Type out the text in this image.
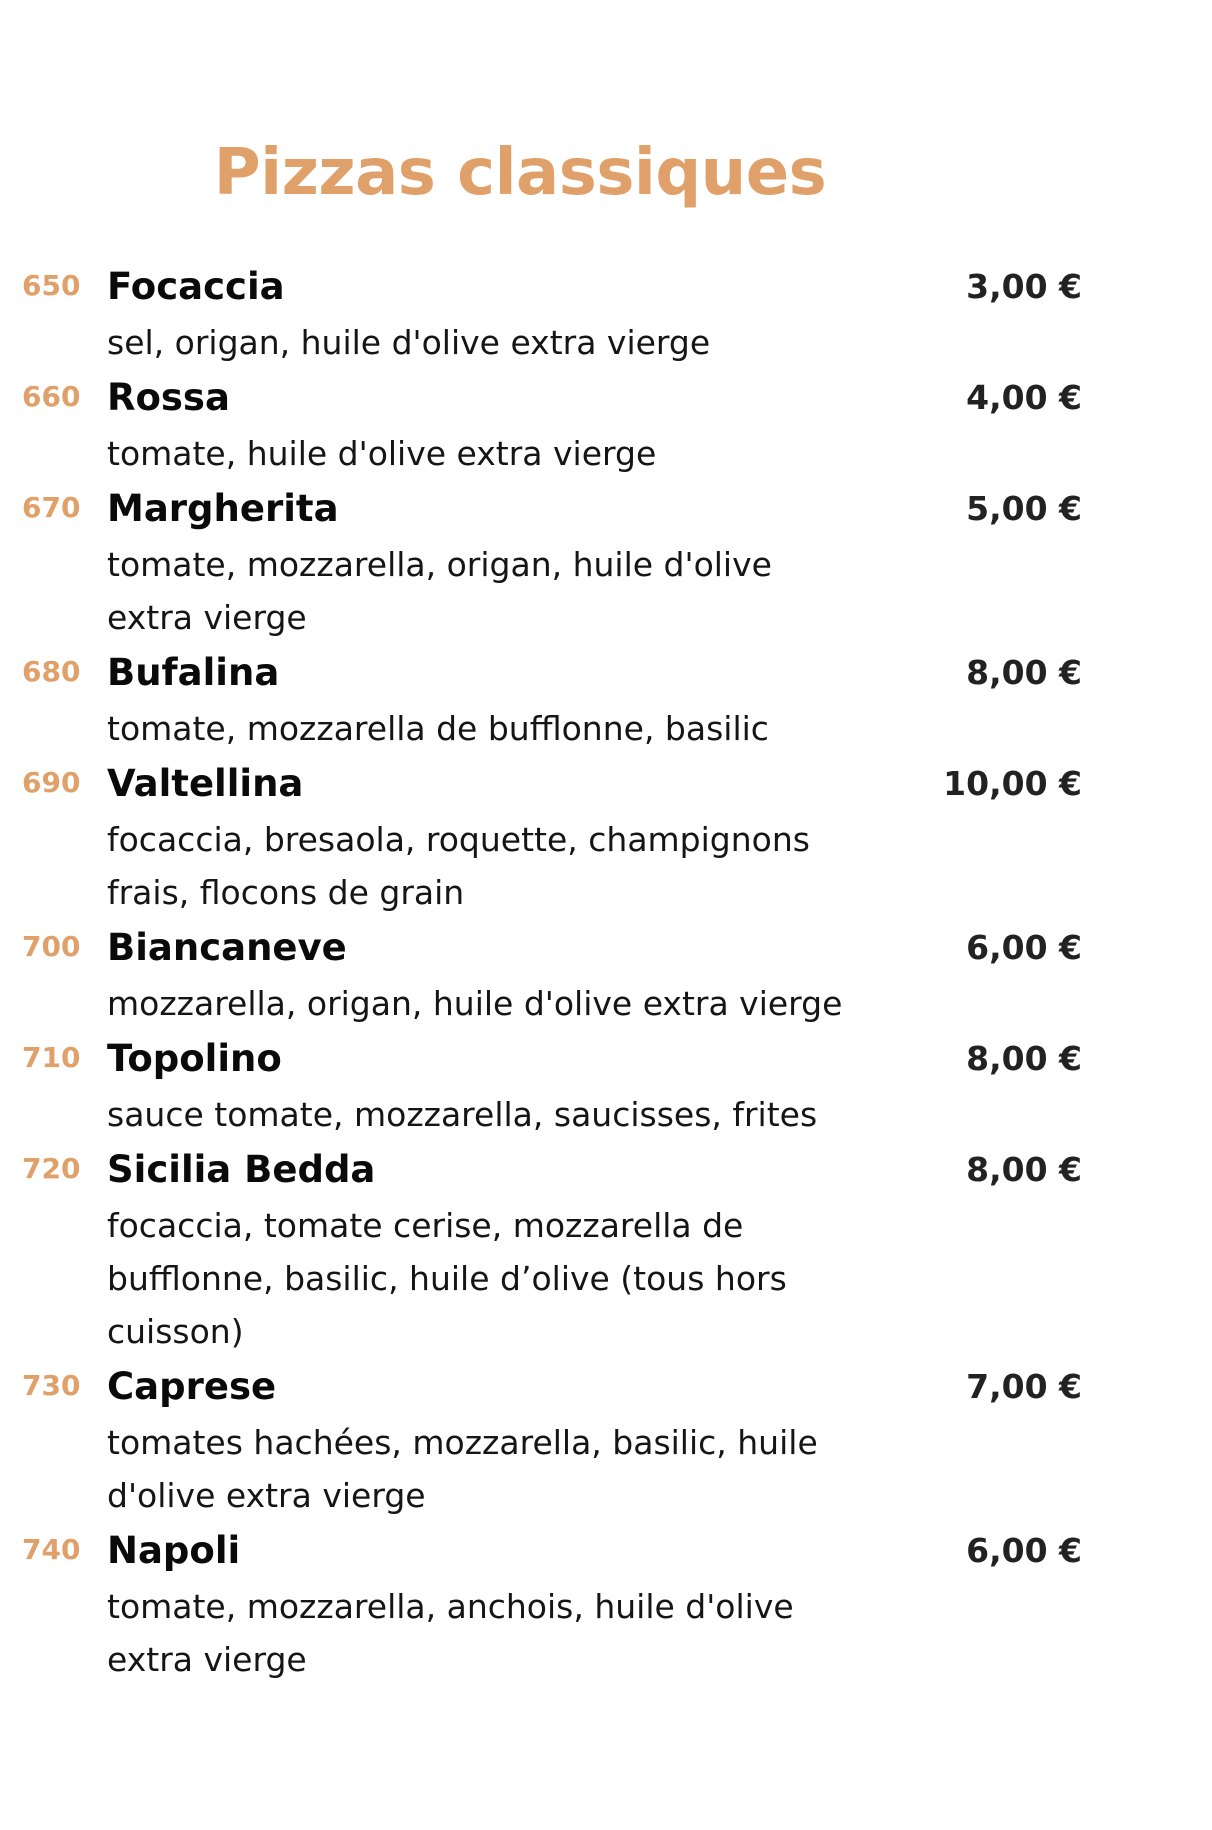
Pizzas classiques
650 Focaccia
sel, origan, huile d'olive extra vierge
3,00 €
660 Rossa
tomate, huile d'olive extra vierge
4,00 €
670 Margherita
tomate, mozzarella, origan, huile d'olive extra vierge
5,00 €
680 Bufalina
tomate, mozzarella de bufflonne, basilic
8,00 €
690 Valtellina
focaccia, bresaola, roquette, champignons frais, flocons de grain
10,00 €
700 Biancaneve
mozzarella, origan, huile d'olive extra vierge
6,00 €
710 Topolino
sauce tomate, mozzarella, saucisses, frites
8,00 €
720 Sicilia Bedda
focaccia, tomate cerise, mozzarella de bufflonne, basilic, huile d’olive (tous hors cuisson)
8,00 €
730 Caprese
tomates hachées, mozzarella, basilic, huile d'olive extra vierge
7,00 €
740 Napoli
tomate, mozzarella, anchois, huile d'olive extra vierge
6,00 €
